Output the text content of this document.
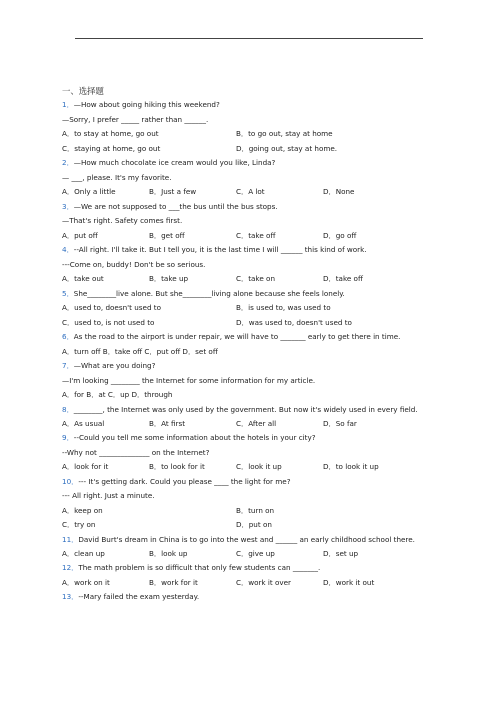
一、选择题
1．—How about going hiking this weekend?
—Sorry, I prefer _____ rather than ______.
A．to stay at home, go out	B．to go out, stay at home
C．staying at home, go out	D．going out, stay at home.
2．—How much chocolate ice cream would you like, Linda?
— ___, please. It's my favorite.
A．Only a little	B．Just a few	C．A lot	D．None
3．—We are not supposed to ___the bus until the bus stops.
—That's right. Safety comes first.
A．put off	B．get off	C．take off	D．go off
4．--All right. I'll take it. But I tell you, it is the last time I will ______ this kind of work.
---Come on, buddy! Don't be so serious.
A．take out	B．take up	C．take on	D．take off
5．She________live alone. But she________living alone because she feels lonely.
A．used to, doesn't used to	B．is used to, was used to
C．used to, is not used to	D．was used to, doesn't used to
6．As the road to the airport is under repair, we will have to _______ early to get there in time.
A．turn off B．take off C．put off D．set off
7．—What are you doing?
—I'm looking ________ the Internet for some information for my article.
A．for B．at C．up D．through
8．________, the Internet was only used by the government. But now it's widely used in every field.
A．As usual	B．At first	C．After all	D．So far
9．--Could you tell me some information about the hotels in your city?
--Why not ______________ on the Internet?
A．look for it	B．to look for it	C．look it up	D．to look it up
10．--- It's getting dark. Could you please ____ the light for me?
--- All right. Just a minute.
A．keep on	B．turn on
C．try on	D．put on
11．David Burt's dream in China is to go into the west and ______ an early childhood school there.
A．clean up	B．look up	C．give up	D．set up
12．The math problem is so difficult that only few students can _______.
A．work on it	B．work for it	C．work it over	D．work it out
13．--Mary failed the exam yesterday.
